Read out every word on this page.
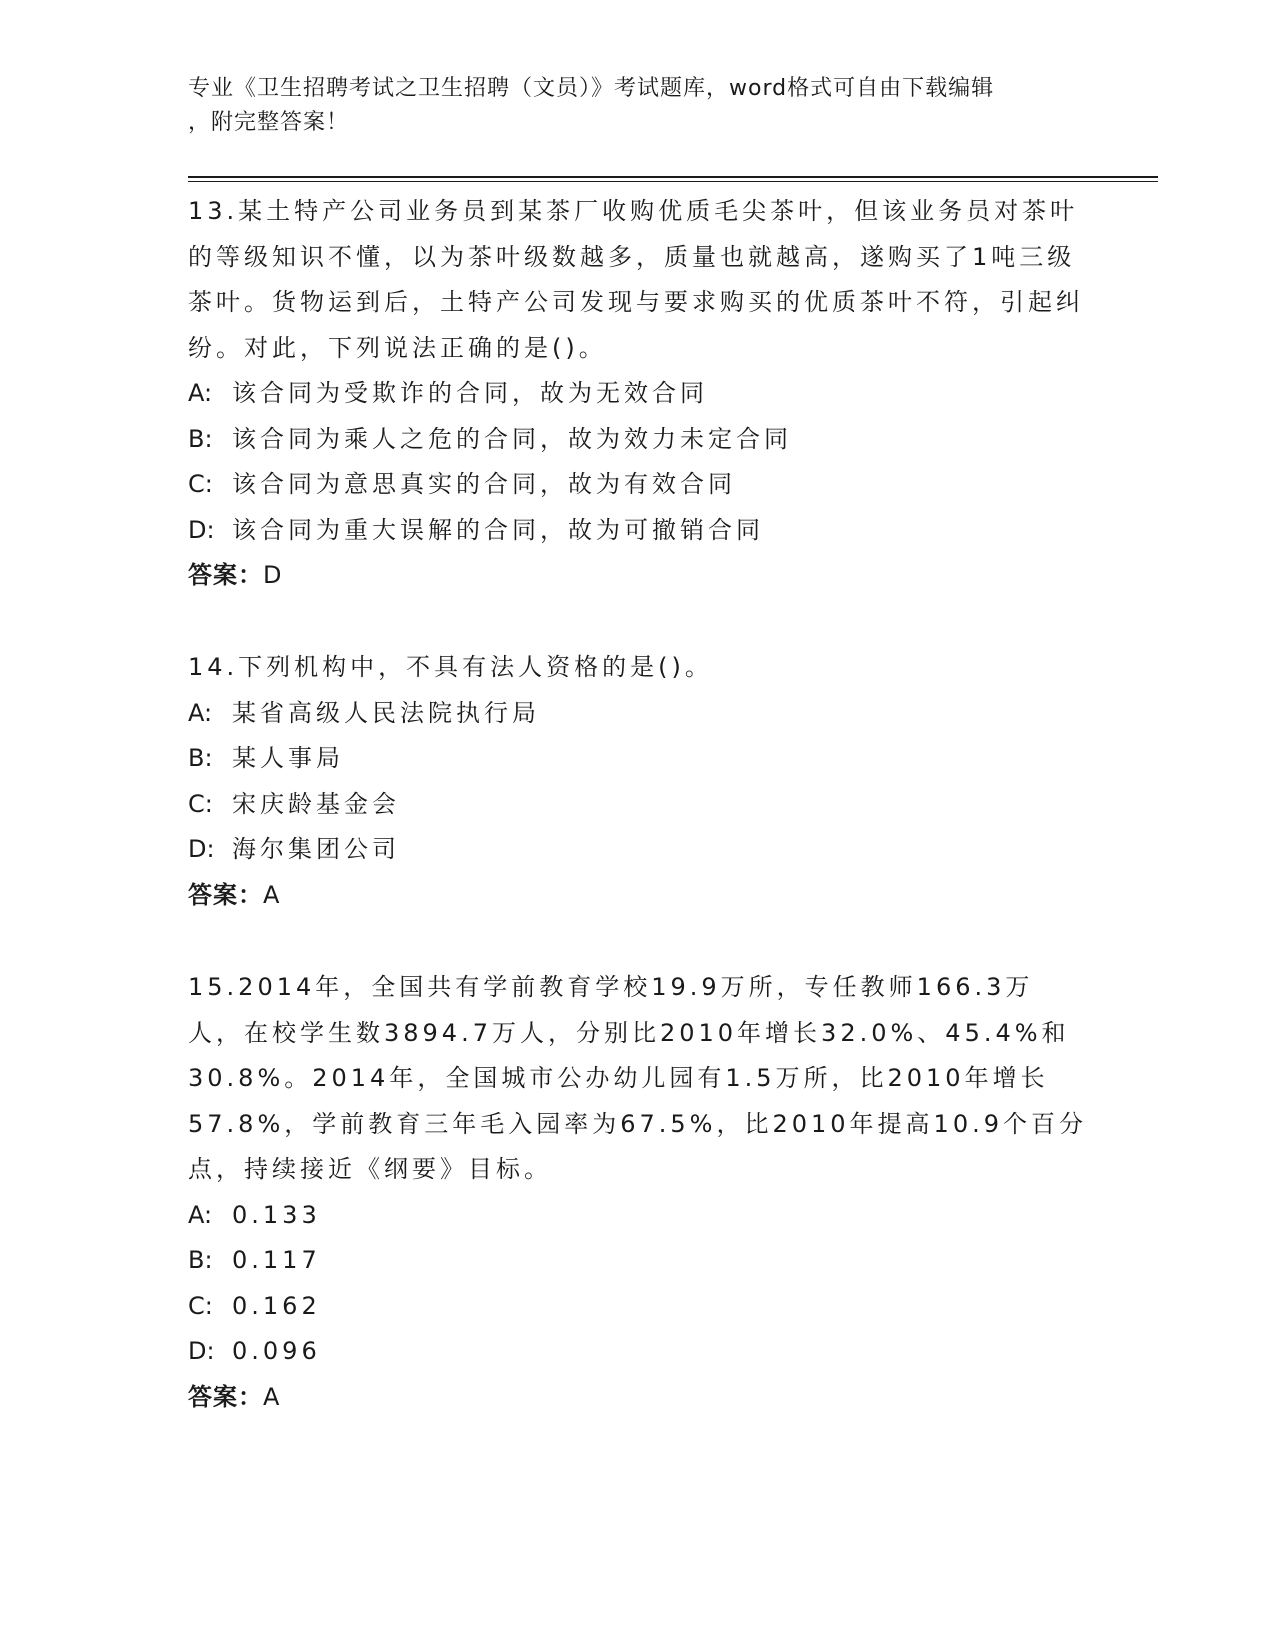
专业《卫生招聘考试之卫生招聘（文员）》考试题库，word格式可自由下载编辑
，附完整答案！

13.某土特产公司业务员到某茶厂收购优质毛尖茶叶，但该业务员对茶叶的等级知识不懂，以为茶叶级数越多，质量也就越高，遂购买了1吨三级茶叶。货物运到后，土特产公司发现与要求购买的优质茶叶不符，引起纠纷。对此，下列说法正确的是()。

A: 该合同为受欺诈的合同，故为无效合同

B: 该合同为乘人之危的合同，故为效力未定合同

C: 该合同为意思真实的合同，故为有效合同

D: 该合同为重大误解的合同，故为可撤销合同

答案：D

14.下列机构中，不具有法人资格的是()。

A: 某省高级人民法院执行局

B: 某人事局

C: 宋庆龄基金会

D: 海尔集团公司

答案：A

15.2014年，全国共有学前教育学校19.9万所，专任教师166.3万人，在校学生数3894.7万人，分别比2010年增长32.0%、45.4%和30.8%。2014年，全国城市公办幼儿园有1.5万所，比2010年增长57.8%，学前教育三年毛入园率为67.5%，比2010年提高10.9个百分点，持续接近《纲要》目标。

A: 0.133

B: 0.117

C: 0.162

D: 0.096

答案：A
